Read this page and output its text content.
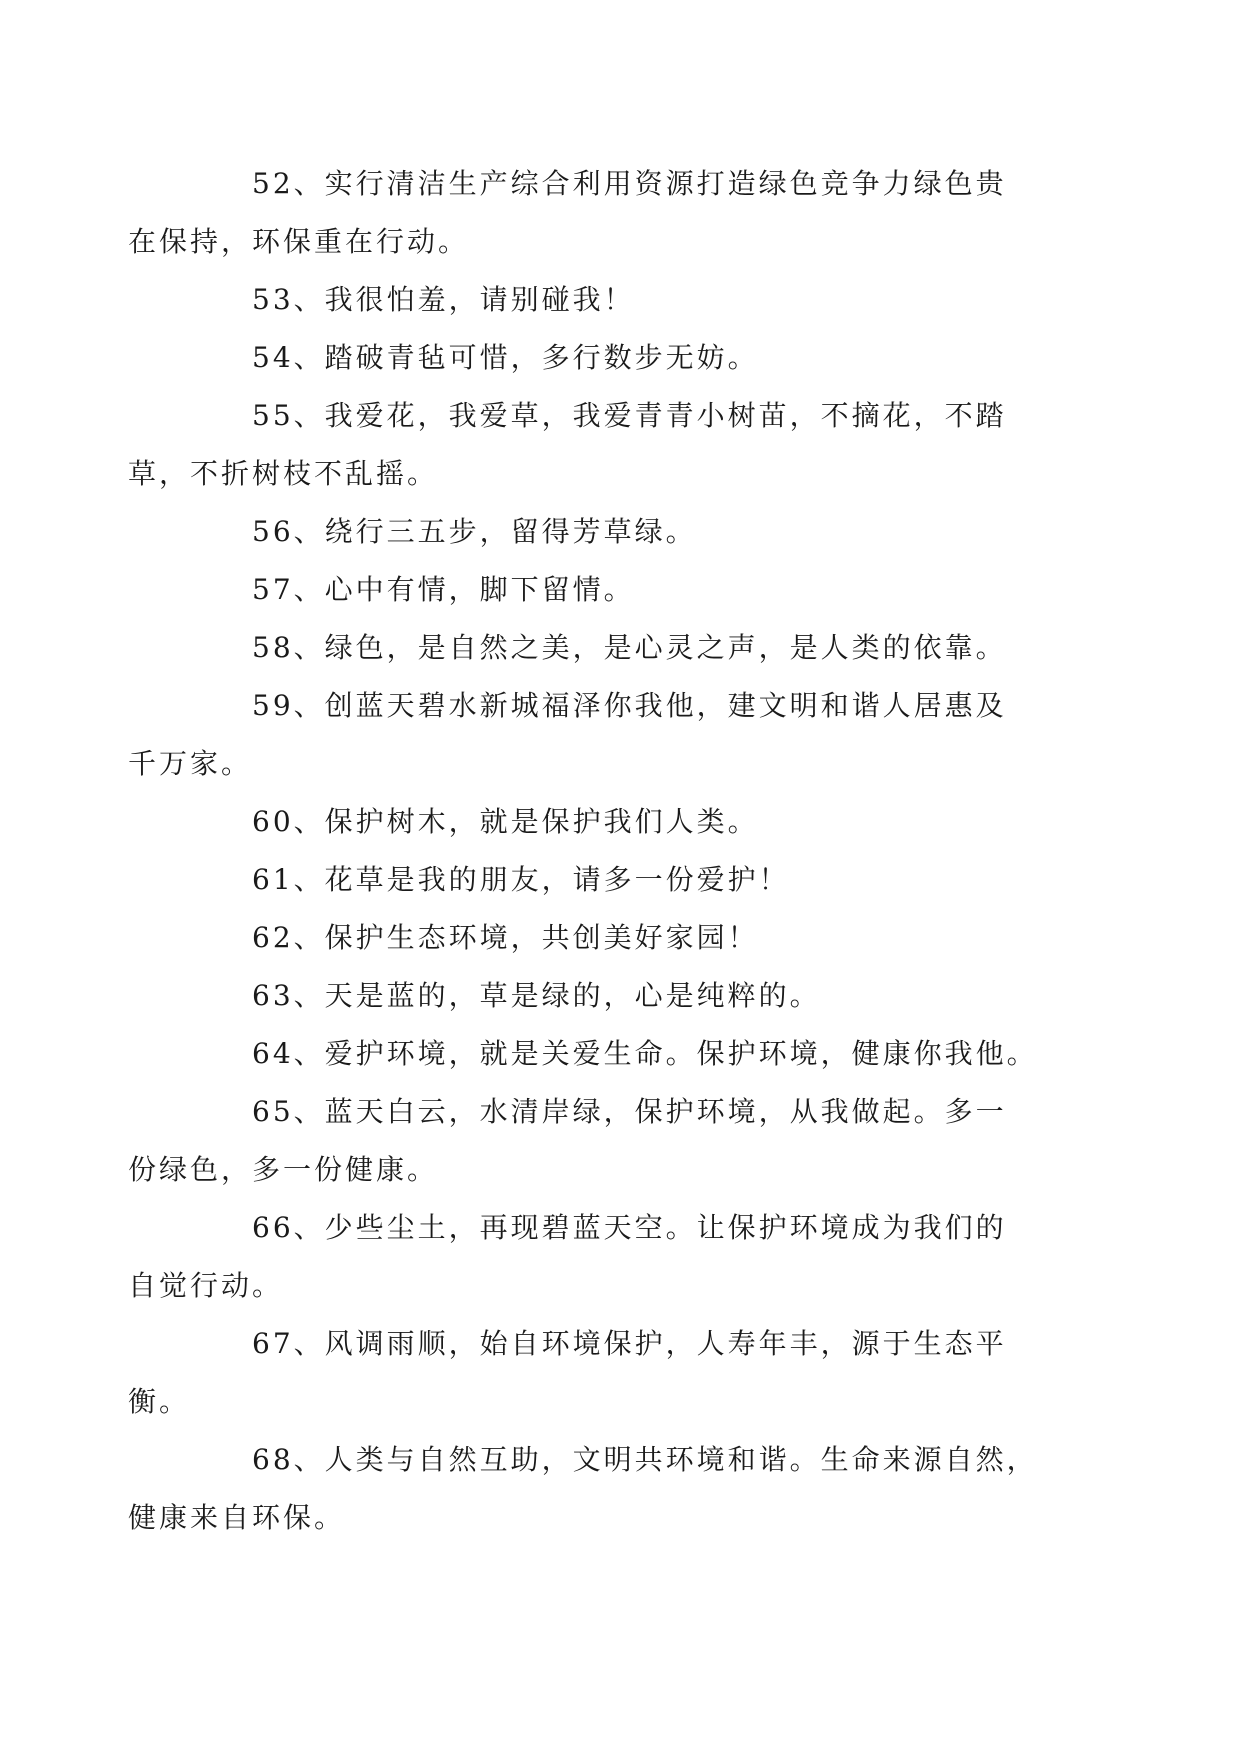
52、实行清洁生产综合利用资源打造绿色竞争力绿色贵
在保持，环保重在行动。
53、我很怕羞，请别碰我！
54、踏破青毡可惜，多行数步无妨。
55、我爱花，我爱草，我爱青青小树苗，不摘花，不踏
草，不折树枝不乱摇。
56、绕行三五步，留得芳草绿。
57、心中有情，脚下留情。
58、绿色，是自然之美，是心灵之声，是人类的依靠。
59、创蓝天碧水新城福泽你我他，建文明和谐人居惠及
千万家。
60、保护树木，就是保护我们人类。
61、花草是我的朋友，请多一份爱护！
62、保护生态环境，共创美好家园！
63、天是蓝的，草是绿的，心是纯粹的。
64、爱护环境，就是关爱生命。保护环境，健康你我他。
65、蓝天白云，水清岸绿，保护环境，从我做起。多一
份绿色，多一份健康。
66、少些尘土，再现碧蓝天空。让保护环境成为我们的
自觉行动。
67、风调雨顺，始自环境保护，人寿年丰，源于生态平
衡。
68、人类与自然互助，文明共环境和谐。生命来源自然，
健康来自环保。
